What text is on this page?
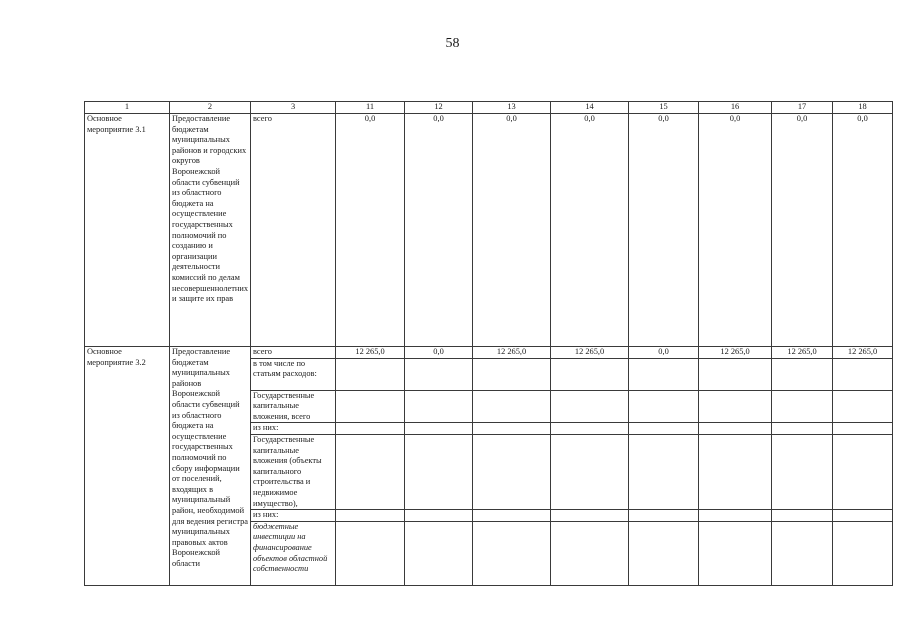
58
1	2	3	11	12	13	14	15	16	17	18
Основное мероприятие 3.1	Предоставление бюджетам муниципальных районов и городских округов Воронежской области субвенций из областного бюджета на осуществление государственных полномочий по созданию и организации деятельности комиссий по делам несовершеннолетних и защите их прав	всего	0,0	0,0	0,0	0,0	0,0	0,0	0,0	0,0
Основное мероприятие 3.2	Предоставление бюджетам муниципальных районов Воронежской области субвенций из областного бюджета на осуществление государственных полномочий по сбору информации от поселений, входящих в муниципальный район, необходимой для ведения регистра муниципальных правовых актов Воронежской области	всего	12 265,0	0,0	12 265,0	12 265,0	0,0	12 265,0	12 265,0	12 265,0
		в том числе по статьям расходов:								
		Государственные капитальные вложения, всего								
		из них:								
		Государственные капитальные вложения (объекты капитального строительства и недвижимое имущество),								
		из них:								
		бюджетные инвестиции на финансирование объектов областной собственности								
